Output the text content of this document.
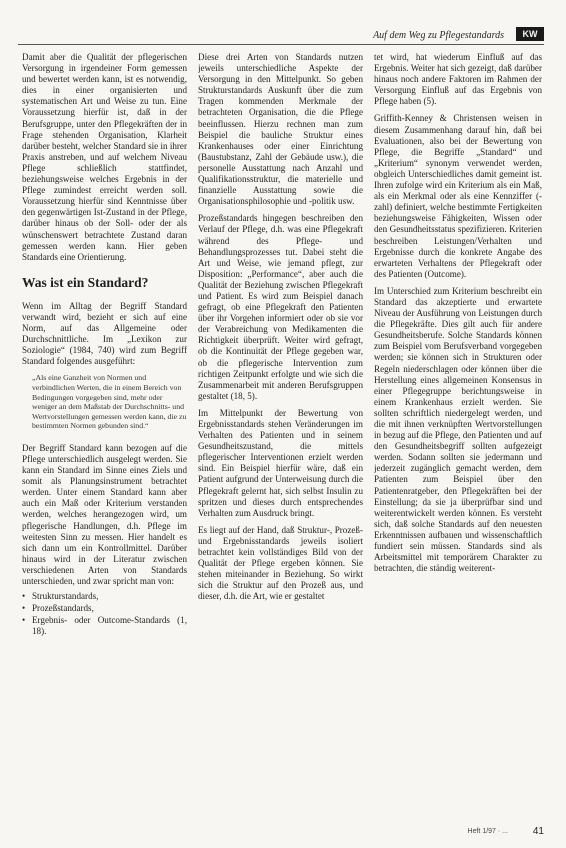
Auf dem Weg zu Pflegestandards	KW

Damit aber die Qualität der pflegerischen Versorgung in irgendeiner Form gemessen und bewertet werden kann, ist es notwendig, dies in einer organisierten und systematischen Art und Weise zu tun. Eine Voraussetzung hierfür ist, daß in der Berufsgruppe, unter den Pflegekräften der in Frage stehenden Organisation, Klarheit darüber besteht, welcher Standard sie in ihrer Praxis anstreben, und auf welchem Niveau Pflege schließlich stattfindet, beziehungsweise welches Ergebnis in der Pflege zumindest erreicht werden soll. Voraussetzung hierfür sind Kenntnisse über den gegenwärtigen Ist-Zustand in der Pflege, darüber hinaus ob der Soll- oder der als wünschenswert betrachtete Zustand daran gemessen werden kann. Hier geben Standards eine Orientierung.

Was ist ein Standard?

Wenn im Alltag der Begriff Standard verwandt wird, bezieht er sich auf eine Norm, auf das Allgemeine oder Durchschnittliche. Im „Lexikon zur Soziologie“ (1984, 740) wird zum Begriff Standard folgendes ausgeführt:

„Als eine Ganzheit von Normen und verbindlichen Werten, die in einem Bereich von Bedingungen vorgegeben sind, mehr oder weniger an dem Maßstab der Durchschnitts- und Wertvorstellungen gemessen werden kann, die zu bestimmten Normen gebunden sind.“

Der Begriff Standard kann bezogen auf die Pflege unterschiedlich ausgelegt werden. Sie kann ein Standard im Sinne eines Ziels und somit als Planungsinstrument betrachtet werden. Unter einem Standard kann aber auch ein Maß oder Kriterium verstanden werden, welches herangezogen wird, um pflegerische Handlungen, d.h. Pflege im weitesten Sinn zu messen. Hier handelt es sich dann um ein Kontrollmittel. Darüber hinaus wird in der Literatur zwischen verschiedenen Arten von Standards unterschieden, und zwar spricht man von:

• Strukturstandards,
• Prozeßstandards,
• Ergebnis- oder Outcome-Standards (1, 18).

Diese drei Arten von Standards nutzen jeweils unterschiedliche Aspekte der Versorgung in den Mittelpunkt. So geben Strukturstandards Auskunft über die zum Tragen kommenden Merkmale der betrachteten Organisation, die die Pflege beeinflussen. Hierzu rechnen man zum Beispiel die bauliche Struktur eines Krankenhauses oder einer Einrichtung (Baustubstanz, Zahl der Gebäude usw.), die personelle Ausstattung nach Anzahl und Qualifikationsstruktur, die materielle und finanzielle Ausstattung sowie die Organisationsphilosophie und -politik usw.

Prozeßstandards hingegen beschreiben den Verlauf der Pflege, d.h. was eine Pflegekraft während des Pflege- und Behandlungsprozesses tut. Dabei steht die Art und Weise, wie jemand pflegt, zur Disposition: „Performance“, aber auch die Qualität der Beziehung zwischen Pflegekraft und Patient. Es wird zum Beispiel danach gefragt, ob eine Pflegekraft den Patienten über ihr Vorgehen informiert oder ob sie vor der Verabreichung von Medikamenten die Richtigkeit überprüft. Weiter wird gefragt, ob die Kontinuität der Pflege gegeben war, ob die pflegerische Intervention zum richtigen Zeitpunkt erfolgte und wie sich die Zusammenarbeit mit anderen Berufsgruppen gestaltet (18, 5).

Im Mittelpunkt der Bewertung von Ergebnisstandards stehen Veränderungen im Verhalten des Patienten und in seinem Gesundheitszustand, die mittels pflegerischer Interventionen erzielt werden sind. Ein Beispiel hierfür wäre, daß ein Patient aufgrund der Unterweisung durch die Pflegekraft gelernt hat, sich selbst Insulin zu spritzen und dieses durch entsprechendes Verhalten zum Ausdruck bringt.

Es liegt auf der Hand, daß Struktur-, Prozeß- und Ergebnisstandards jeweils isoliert betrachtet kein vollständiges Bild von der Qualität der Pflege ergeben können. Sie stehen miteinander in Beziehung. So wirkt sich die Struktur auf den Prozeß aus, und dieser, d.h. die Art, wie er gestaltet

tet wird, hat wiederum Einfluß auf das Ergebnis. Weiter hat sich gezeigt, daß darüber hinaus noch andere Faktoren im Rahmen der Versorgung Einfluß auf das Ergebnis von Pflege haben (5).

Griffith-Kenney & Christensen weisen in diesem Zusammenhang darauf hin, daß bei Evaluationen, also bei der Bewertung von Pflege, die Begriffe „Standard“ und „Kriterium“ synonym verwendet werden, obgleich Unterschiedliches damit gemeint ist. Ihren zufolge wird ein Kriterium als ein Maß, als ein Merkmal oder als eine Kennziffer (-zahl) definiert, welche bestimmte Fertigkeiten beziehungsweise Fähigkeiten, Wissen oder den Gesundheitsstatus spezifizieren. Kriterien beschreiben Leistungen/Verhalten und Ergebnisse durch die konkrete Angabe des erwarteten Verhaltens der Pflegekraft oder des Patienten (Outcome).

Im Unterschied zum Kriterium beschreibt ein Standard das akzeptierte und erwartete Niveau der Ausführung von Leistungen durch die Pflegekräfte. Dies gilt auch für andere Gesundheitsberufe. Solche Standards können zum Beispiel vom Berufsverband vorgegeben werden; sie können sich in Strukturen oder Regeln niederschlagen oder können über die Herstellung eines allgemeinen Konsensus in einer Pflegegruppe berichtungsweise in einem Krankenhaus erzielt werden. Sie sollten schriftlich niedergelegt werden, und die mit ihnen verknüpften Wertvorstellungen in bezug auf die Pflege, den Patienten und auf den Gesundheitsbegriff sollten aufgezeigt werden. Sodann sollten sie jedermann und jederzeit zugänglich gemacht werden, dem Patienten zum Beispiel über den Patientenratgeber, den Pflegekräften bei der Einstellung; da sie ja überprüfbar sind und weiterentwickelt werden können. Es versteht sich, daß solche Standards auf den neuesten Erkenntnissen aufbauen und wissenschaftlich fundiert sein müssen. Standards sind als Arbeitsmittel mit temporärem Charakter zu betrachten, die ständig weiterent-

Heft 1/97 · ... 41
